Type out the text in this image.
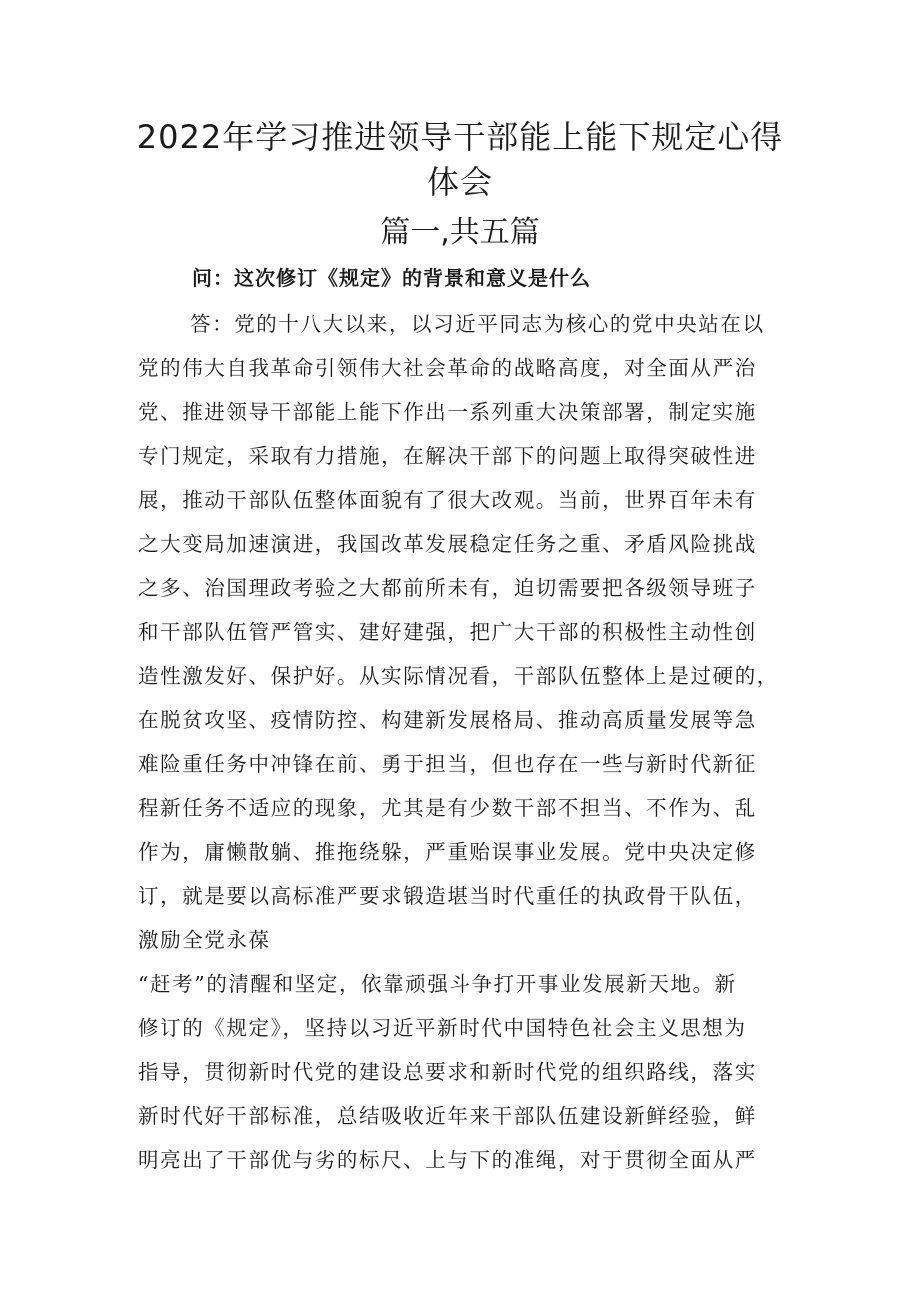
2022年学习推进领导干部能上能下规定心得
体会
篇一,共五篇
问：这次修订《规定》的背景和意义是什么
答：党的十八大以来，以习近平同志为核心的党中央站在以
党的伟大自我革命引领伟大社会革命的战略高度，对全面从严治
党、推进领导干部能上能下作出一系列重大决策部署，制定实施
专门规定，采取有力措施，在解决干部下的问题上取得突破性进
展，推动干部队伍整体面貌有了很大改观。当前，世界百年未有
之大变局加速演进，我国改革发展稳定任务之重、矛盾风险挑战
之多、治国理政考验之大都前所未有，迫切需要把各级领导班子
和干部队伍管严管实、建好建强，把广大干部的积极性主动性创
造性激发好、保护好。从实际情况看，干部队伍整体上是过硬的，
在脱贫攻坚、疫情防控、构建新发展格局、推动高质量发展等急
难险重任务中冲锋在前、勇于担当，但也存在一些与新时代新征
程新任务不适应的现象，尤其是有少数干部不担当、不作为、乱
作为，庸懒散躺、推拖绕躲，严重贻误事业发展。党中央决定修
订，就是要以高标准严要求锻造堪当时代重任的执政骨干队伍，
激励全党永葆
“赶考”的清醒和坚定，依靠顽强斗争打开事业发展新天地。新
修订的《规定》，坚持以习近平新时代中国特色社会主义思想为
指导，贯彻新时代党的建设总要求和新时代党的组织路线，落实
新时代好干部标准，总结吸收近年来干部队伍建设新鲜经验，鲜
明亮出了干部优与劣的标尺、上与下的准绳，对于贯彻全面从严
